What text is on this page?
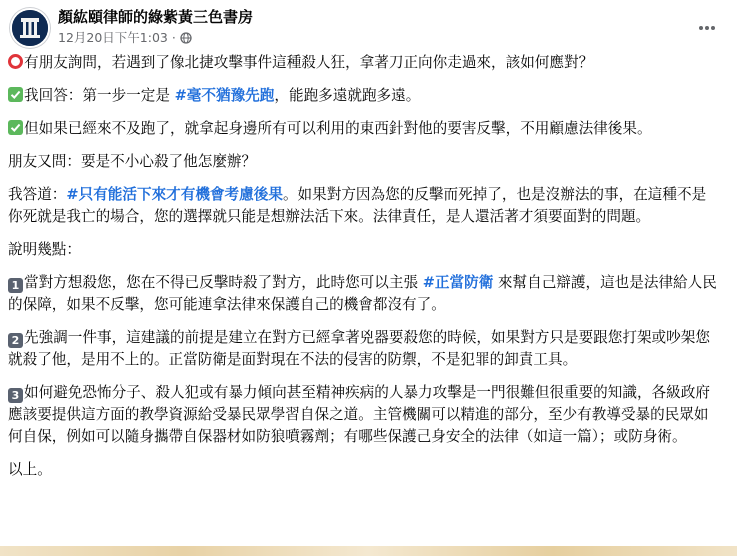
顏紘頤律師的綠紫黃三色書房
12月20日下午1:03 ·

有朋友詢問，若遇到了像北捷攻擊事件這種殺人狂，拿著刀正向你走過來，該如何應對？

我回答：第一步一定是 #毫不猶豫先跑，能跑多遠就跑多遠。

但如果已經來不及跑了，就拿起身邊所有可以利用的東西針對他的要害反擊，不用顧慮法律後果。

朋友又問：要是不小心殺了他怎麼辦？

我答道：#只有能活下來才有機會考慮後果。如果對方因為您的反擊而死掉了，也是沒辦法的事，在這種不是你死就是我亡的場合，您的選擇就只能是想辦法活下來。法律責任，是人還活著才須要面對的問題。

說明幾點：

1 當對方想殺您，您在不得已反擊時殺了對方，此時您可以主張 #正當防衛 來幫自己辯護，這也是法律給人民的保障，如果不反擊，您可能連拿法律來保護自己的機會都沒有了。

2 先強調一件事，這建議的前提是建立在對方已經拿著兇器要殺您的時候，如果對方只是要跟您打架或吵架您就殺了他，是用不上的。正當防衛是面對現在不法的侵害的防禦，不是犯罪的卸責工具。

3 如何避免恐怖分子、殺人犯或有暴力傾向甚至精神疾病的人暴力攻擊是一門很難但很重要的知識，各級政府應該要提供這方面的教學資源給受暴民眾學習自保之道。主管機關可以精進的部分，至少有教導受暴的民眾如何自保，例如可以隨身攜帶自保器材如防狼噴霧劑；有哪些保護己身安全的法律（如這一篇）；或防身術。

以上。
